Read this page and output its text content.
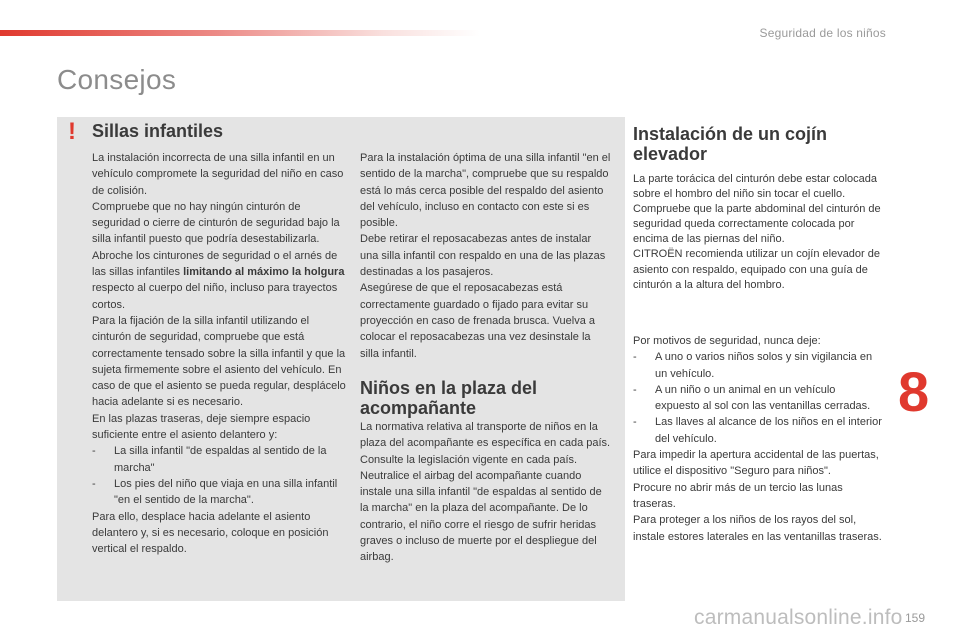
Seguridad de los niños
Consejos
! Sillas infantiles
La instalación incorrecta de una silla infantil en un vehículo compromete la seguridad del niño en caso de colisión.
Compruebe que no hay ningún cinturón de seguridad o cierre de cinturón de seguridad bajo la silla infantil puesto que podría desestabilizarla.
Abroche los cinturones de seguridad o el arnés de las sillas infantiles limitando al máximo la holgura respecto al cuerpo del niño, incluso para trayectos cortos.
Para la fijación de la silla infantil utilizando el cinturón de seguridad, compruebe que está correctamente tensado sobre la silla infantil y que la sujeta firmemente sobre el asiento del vehículo. En caso de que el asiento se pueda regular, desplácelo hacia adelante si es necesario.
En las plazas traseras, deje siempre espacio suficiente entre el asiento delantero y:
-	La silla infantil "de espaldas al sentido de la marcha"
-	Los pies del niño que viaja en una silla infantil "en el sentido de la marcha".
Para ello, desplace hacia adelante el asiento delantero y, si es necesario, coloque en posición vertical el respaldo.
Para la instalación óptima de una silla infantil "en el sentido de la marcha", compruebe que su respaldo está lo más cerca posible del respaldo del asiento del vehículo, incluso en contacto con este si es posible.
Debe retirar el reposacabezas antes de instalar una silla infantil con respaldo en una de las plazas destinadas a los pasajeros.
Asegúrese de que el reposacabezas está correctamente guardado o fijado para evitar su proyección en caso de frenada brusca. Vuelva a colocar el reposacabezas una vez desinstale la silla infantil.
Niños en la plaza del acompañante
La normativa relativa al transporte de niños en la plaza del acompañante es específica en cada país. Consulte la legislación vigente en cada país.
Neutralice el airbag del acompañante cuando instale una silla infantil "de espaldas al sentido de la marcha" en la plaza del acompañante. De lo contrario, el niño corre el riesgo de sufrir heridas graves o incluso de muerte por el despliegue del airbag.
Instalación de un cojín elevador
La parte torácica del cinturón debe estar colocada sobre el hombro del niño sin tocar el cuello.
Compruebe que la parte abdominal del cinturón de seguridad queda correctamente colocada por encima de las piernas del niño.
CITROËN recomienda utilizar un cojín elevador de asiento con respaldo, equipado con una guía de cinturón a la altura del hombro.
Por motivos de seguridad, nunca deje:
-	A uno o varios niños solos y sin vigilancia en un vehículo.
-	A un niño o un animal en un vehículo expuesto al sol con las ventanillas cerradas.
-	Las llaves al alcance de los niños en el interior del vehículo.
Para impedir la apertura accidental de las puertas, utilice el dispositivo "Seguro para niños".
Procure no abrir más de un tercio las lunas traseras.
Para proteger a los niños de los rayos del sol, instale estores laterales en las ventanillas traseras.
8
carmanualsonline.info 159
